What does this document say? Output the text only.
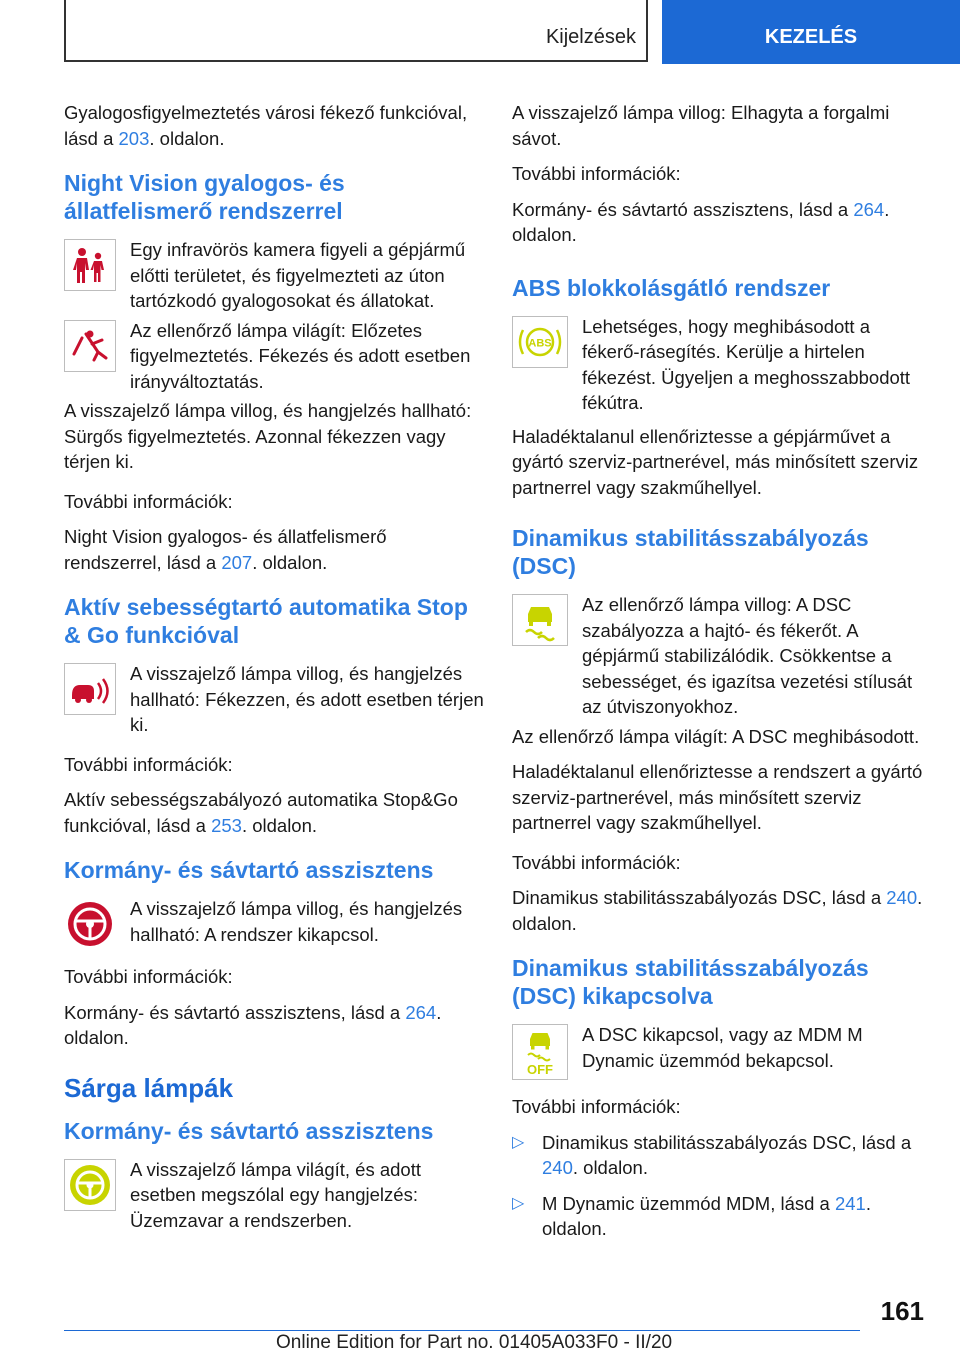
Kijelzések	KEZELÉS

Gyalogosfigyelmeztetés városi fékező funkcióval, lásd a 203. oldalon.

Night Vision gyalogos- és állatfelismerő rendszerrel

Egy infravörös kamera figyeli a gépjármű előtti területet, és figyelmezteti az úton tartózkodó gyalogosokat és állatokat.

Az ellenőrző lámpa világít: Előzetes figyelmeztetés. Fékezés és adott esetben irányváltoztatás.

A visszajelző lámpa villog, és hangjelzés hallható: Sürgős figyelmeztetés. Azonnal fékezzen vagy térjen ki.

További információk:

Night Vision gyalogos- és állatfelismerő rendszerrel, lásd a 207. oldalon.

Aktív sebességtartó automatika Stop & Go funkcióval

A visszajelző lámpa villog, és hangjelzés hallható: Fékezzen, és adott esetben térjen ki.

További információk:

Aktív sebességszabályozó automatika Stop&Go funkcióval, lásd a 253. oldalon.

Kormány- és sávtartó asszisztens

A visszajelző lámpa villog, és hangjelzés hallható: A rendszer kikapcsol.

További információk:

Kormány- és sávtartó asszisztens, lásd a 264. oldalon.

Sárga lámpák
Kormány- és sávtartó asszisztens

A visszajelző lámpa világít, és adott esetben megszólal egy hangjelzés: Üzemzavar a rendszerben.

A visszajelző lámpa villog: Elhagyta a forgalmi sávot.

További információk:

Kormány- és sávtartó asszisztens, lásd a 264. oldalon.

ABS blokkolásgátló rendszer
ABS

Lehetséges, hogy meghibásodott a fékerő-rásegítés. Kerülje a hirtelen fékezést. Ügyeljen a meghosszabbodott fékútra.

Haladéktalanul ellenőriztesse a gépjárművet a gyártó szerviz-partnerével, más minősített szerviz partnerrel vagy szakműhellyel.

Dinamikus stabilitásszabályozás (DSC)

Az ellenőrző lámpa villog: A DSC szabályozza a hajtó- és fékerőt. A gépjármű stabilizálódik. Csökkentse a sebességet, és igazítsa vezetési stílusát az útviszonyokhoz.

Az ellenőrző lámpa világít: A DSC meghibásodott.

Haladéktalanul ellenőriztesse a rendszert a gyártó szerviz-partnerével, más minősített szerviz partnerrel vagy szakműhellyel.

További információk:

Dinamikus stabilitásszabályozás DSC, lásd a 240. oldalon.

Dinamikus stabilitásszabályozás (DSC) kikapcsolva
OFF

A DSC kikapcsol, vagy az MDM M Dynamic üzemmód bekapcsol.

További információk:

▷ Dinamikus stabilitásszabályozás DSC, lásd a 240. oldalon.

▷ M Dynamic üzemmód MDM, lásd a 241. oldalon.

161
Online Edition for Part no. 01405A033F0 - II/20
